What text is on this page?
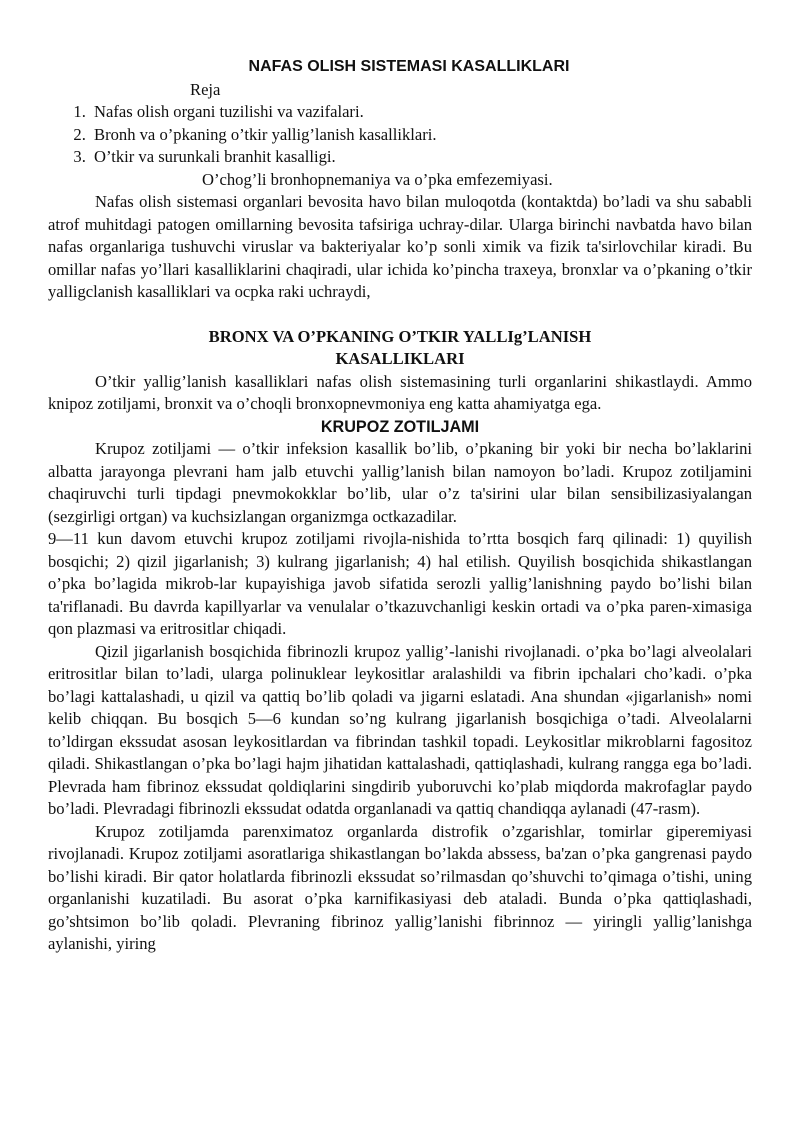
NAFAS OLISH SISTEMASI KASALLIKLARI
Reja
1. Nafas olish organi tuzilishi va vazifalari.
2. Bronh va o’pkaning o’tkir yallig’lanish kasalliklari.
3. O’tkir va surunkali branhit kasalligi.
O’chog’li bronhopnemaniya va o’pka emfezemiyasi.

Nafas olish sistemasi organlari bevosita havo bilan muloqotda (kontaktda) bo’ladi va shu sababli atrof muhitdagi patogen omillarning bevosita tafsiriga uchray-dilar. Ularga birinchi navbatda havo bilan nafas organlariga tushuvchi viruslar va bakteriyalar ko’p sonli ximik va fizik ta'sirlovchilar kiradi. Bu omillar nafas yo’llari kasalliklarini chaqiradi, ular ichida ko’pincha traxeya, bronxlar va o’pkaning o’tkir yalligclanish kasalliklari va ocpka raki uchraydi,

BRONX VA O’PKANING O’TKIR YALLIg’LANISH
KASALLIKLARI

O’tkir yallig’lanish kasalliklari nafas olish sistemasining turli organlarini shikastlaydi. Ammo knipoz zotiljami, bronxit va o’choqli bronxopnevmoniya eng katta ahamiyatga ega.

KRUPOZ ZOTILJAMI

Krupoz zotiljami — o’tkir infeksion kasallik bo’lib, o’pkaning bir yoki bir necha bo’laklarini albatta jarayonga plevrani ham jalb etuvchi yallig’lanish bilan namoyon bo’ladi. Krupoz zotiljamini chaqiruvchi turli tipdagi pnevmokokklar bo’lib, ular o’z ta'sirini ular bilan sensibilizasiyalangan (sezgirligi ortgan) va kuchsizlangan organizmga octkazadilar.

9—11 kun davom etuvchi krupoz zotiljami rivojla-nishida to’rtta bosqich farq qilinadi: 1) quyilish bosqichi; 2) qizil jigarlanish; 3) kulrang jigarlanish; 4) hal etilish. Quyilish bosqichida shikastlangan o’pka bo’lagida mikrob-lar kupayishiga javob sifatida serozli yallig’lanishning paydo bo’lishi bilan ta'riflanadi. Bu davrda kapillyarlar va venulalar o’tkazuvchanligi keskin ortadi va o’pka paren-ximasiga qon plazmasi va eritrositlar chiqadi.

Qizil jigarlanish bosqichida fibrinozli krupoz yallig’-lanishi rivojlanadi. o’pka bo’lagi alveolalari eritrositlar bilan to’ladi, ularga polinuklear leykositlar aralashildi va fibrin ipchalari cho’kadi. o’pka bo’lagi kattalashadi, u qizil va qattiq bo’lib qoladi va jigarni eslatadi. Ana shundan «jigarlanish» nomi kelib chiqqan. Bu bosqich 5—6 kundan so’ng kulrang jigarlanish bosqichiga o’tadi. Alveolalarni to’ldirgan ekssudat asosan leykositlardan va fibrindan tashkil topadi. Leykositlar mikroblarni fagositoz qiladi. Shikastlangan o’pka bo’lagi hajm jihatidan kattalashadi, qattiqlashadi, kulrang rangga ega bo’ladi. Plevrada ham fibrinoz ekssudat qoldiqlarini singdirib yuboruvchi ko’plab miqdorda makrofaglar paydo bo’ladi. Plevradagi fibrinozli ekssudat odatda organlanadi va qattiq chandiqqa aylanadi (47-rasm).

Krupoz zotiljamda parenximatoz organlarda distrofik o’zgarishlar, tomirlar giperemiyasi rivojlanadi. Krupoz zotiljami asoratlariga shikastlangan bo’lakda abssess, ba'zan o’pka gangrenasi paydo bo’lishi kiradi. Bir qator holatlarda fibrinozli ekssudat so’rilmasdan qo’shuvchi to’qimaga o’tishi, uning organlanishi kuzatiladi. Bu asorat o’pka karnifikasiyasi deb ataladi. Bunda o’pka qattiqlashadi, go’shtsimon bo’lib qoladi. Plevraning fibrinoz yallig’lanishi fibrinnoz — yiringli yallig’lanishga aylanishi, yiring
